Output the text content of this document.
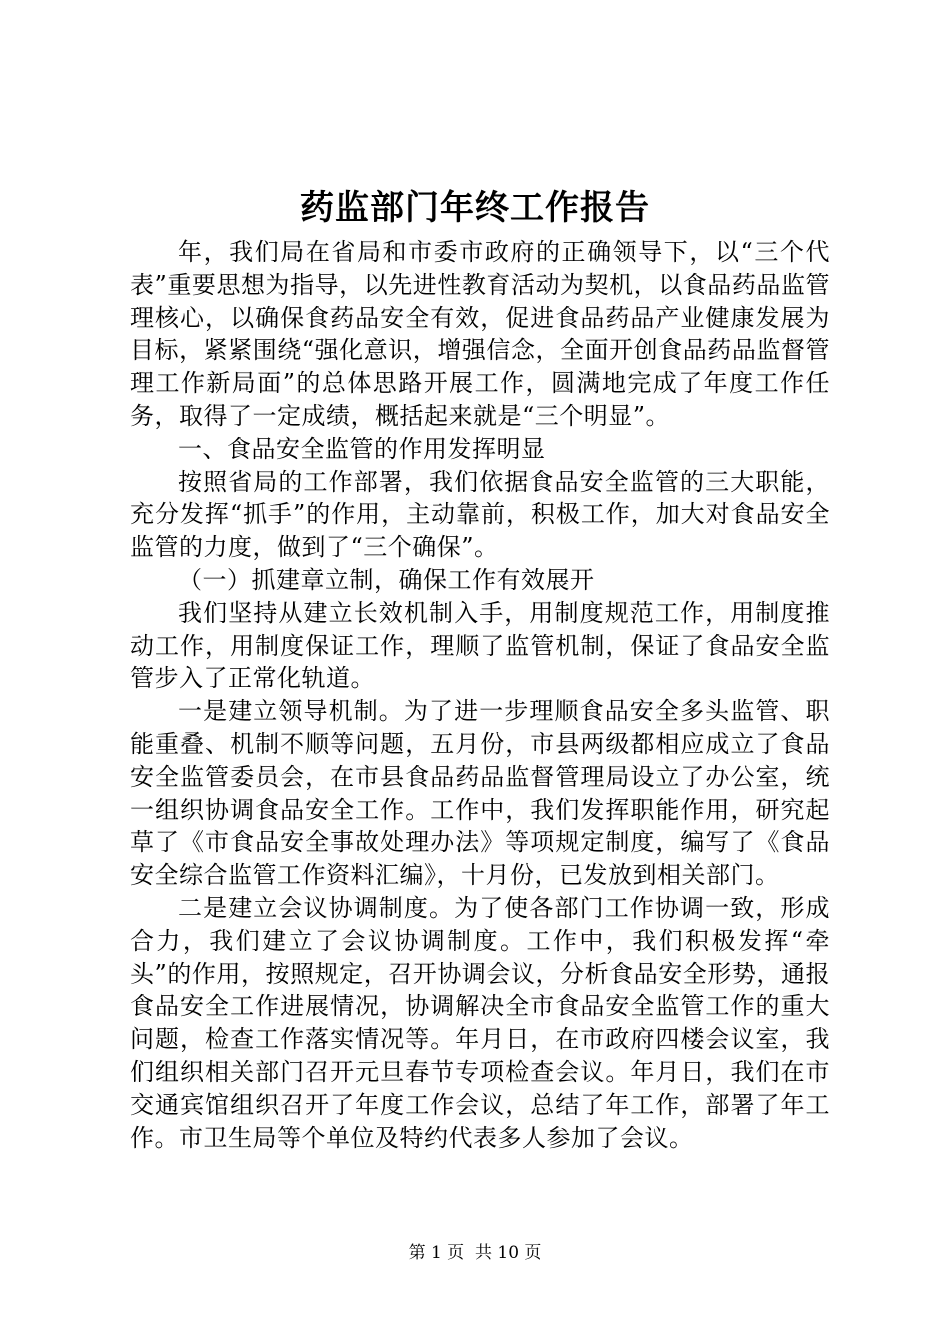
药监部门年终工作报告

年，我们局在省局和市委市政府的正确领导下，以“三个代表”重要思想为指导，以先进性教育活动为契机，以食品药品监管理核心，以确保食药品安全有效，促进食品药品产业健康发展为目标，紧紧围绕“强化意识，增强信念，全面开创食品药品监督管理工作新局面”的总体思路开展工作，圆满地完成了年度工作任务，取得了一定成绩，概括起来就是“三个明显”。

一、食品安全监管的作用发挥明显

按照省局的工作部署，我们依据食品安全监管的三大职能，充分发挥“抓手”的作用，主动靠前，积极工作，加大对食品安全监管的力度，做到了“三个确保”。

（一）抓建章立制，确保工作有效展开

我们坚持从建立长效机制入手，用制度规范工作，用制度推动工作，用制度保证工作，理顺了监管机制，保证了食品安全监管步入了正常化轨道。

一是建立领导机制。为了进一步理顺食品安全多头监管、职能重叠、机制不顺等问题，五月份，市县两级都相应成立了食品安全监管委员会，在市县食品药品监督管理局设立了办公室，统一组织协调食品安全工作。工作中，我们发挥职能作用，研究起草了《市食品安全事故处理办法》等项规定制度，编写了《食品安全综合监管工作资料汇编》，十月份，已发放到相关部门。

二是建立会议协调制度。为了使各部门工作协调一致，形成合力，我们建立了会议协调制度。工作中，我们积极发挥“牵头”的作用，按照规定，召开协调会议，分析食品安全形势，通报食品安全工作进展情况，协调解决全市食品安全监管工作的重大问题，检查工作落实情况等。年月日，在市政府四楼会议室，我们组织相关部门召开元旦春节专项检查会议。年月日，我们在市交通宾馆组织召开了年度工作会议，总结了年工作，部署了年工作。市卫生局等个单位及特约代表多人参加了会议。

第 1 页  共 10 页
